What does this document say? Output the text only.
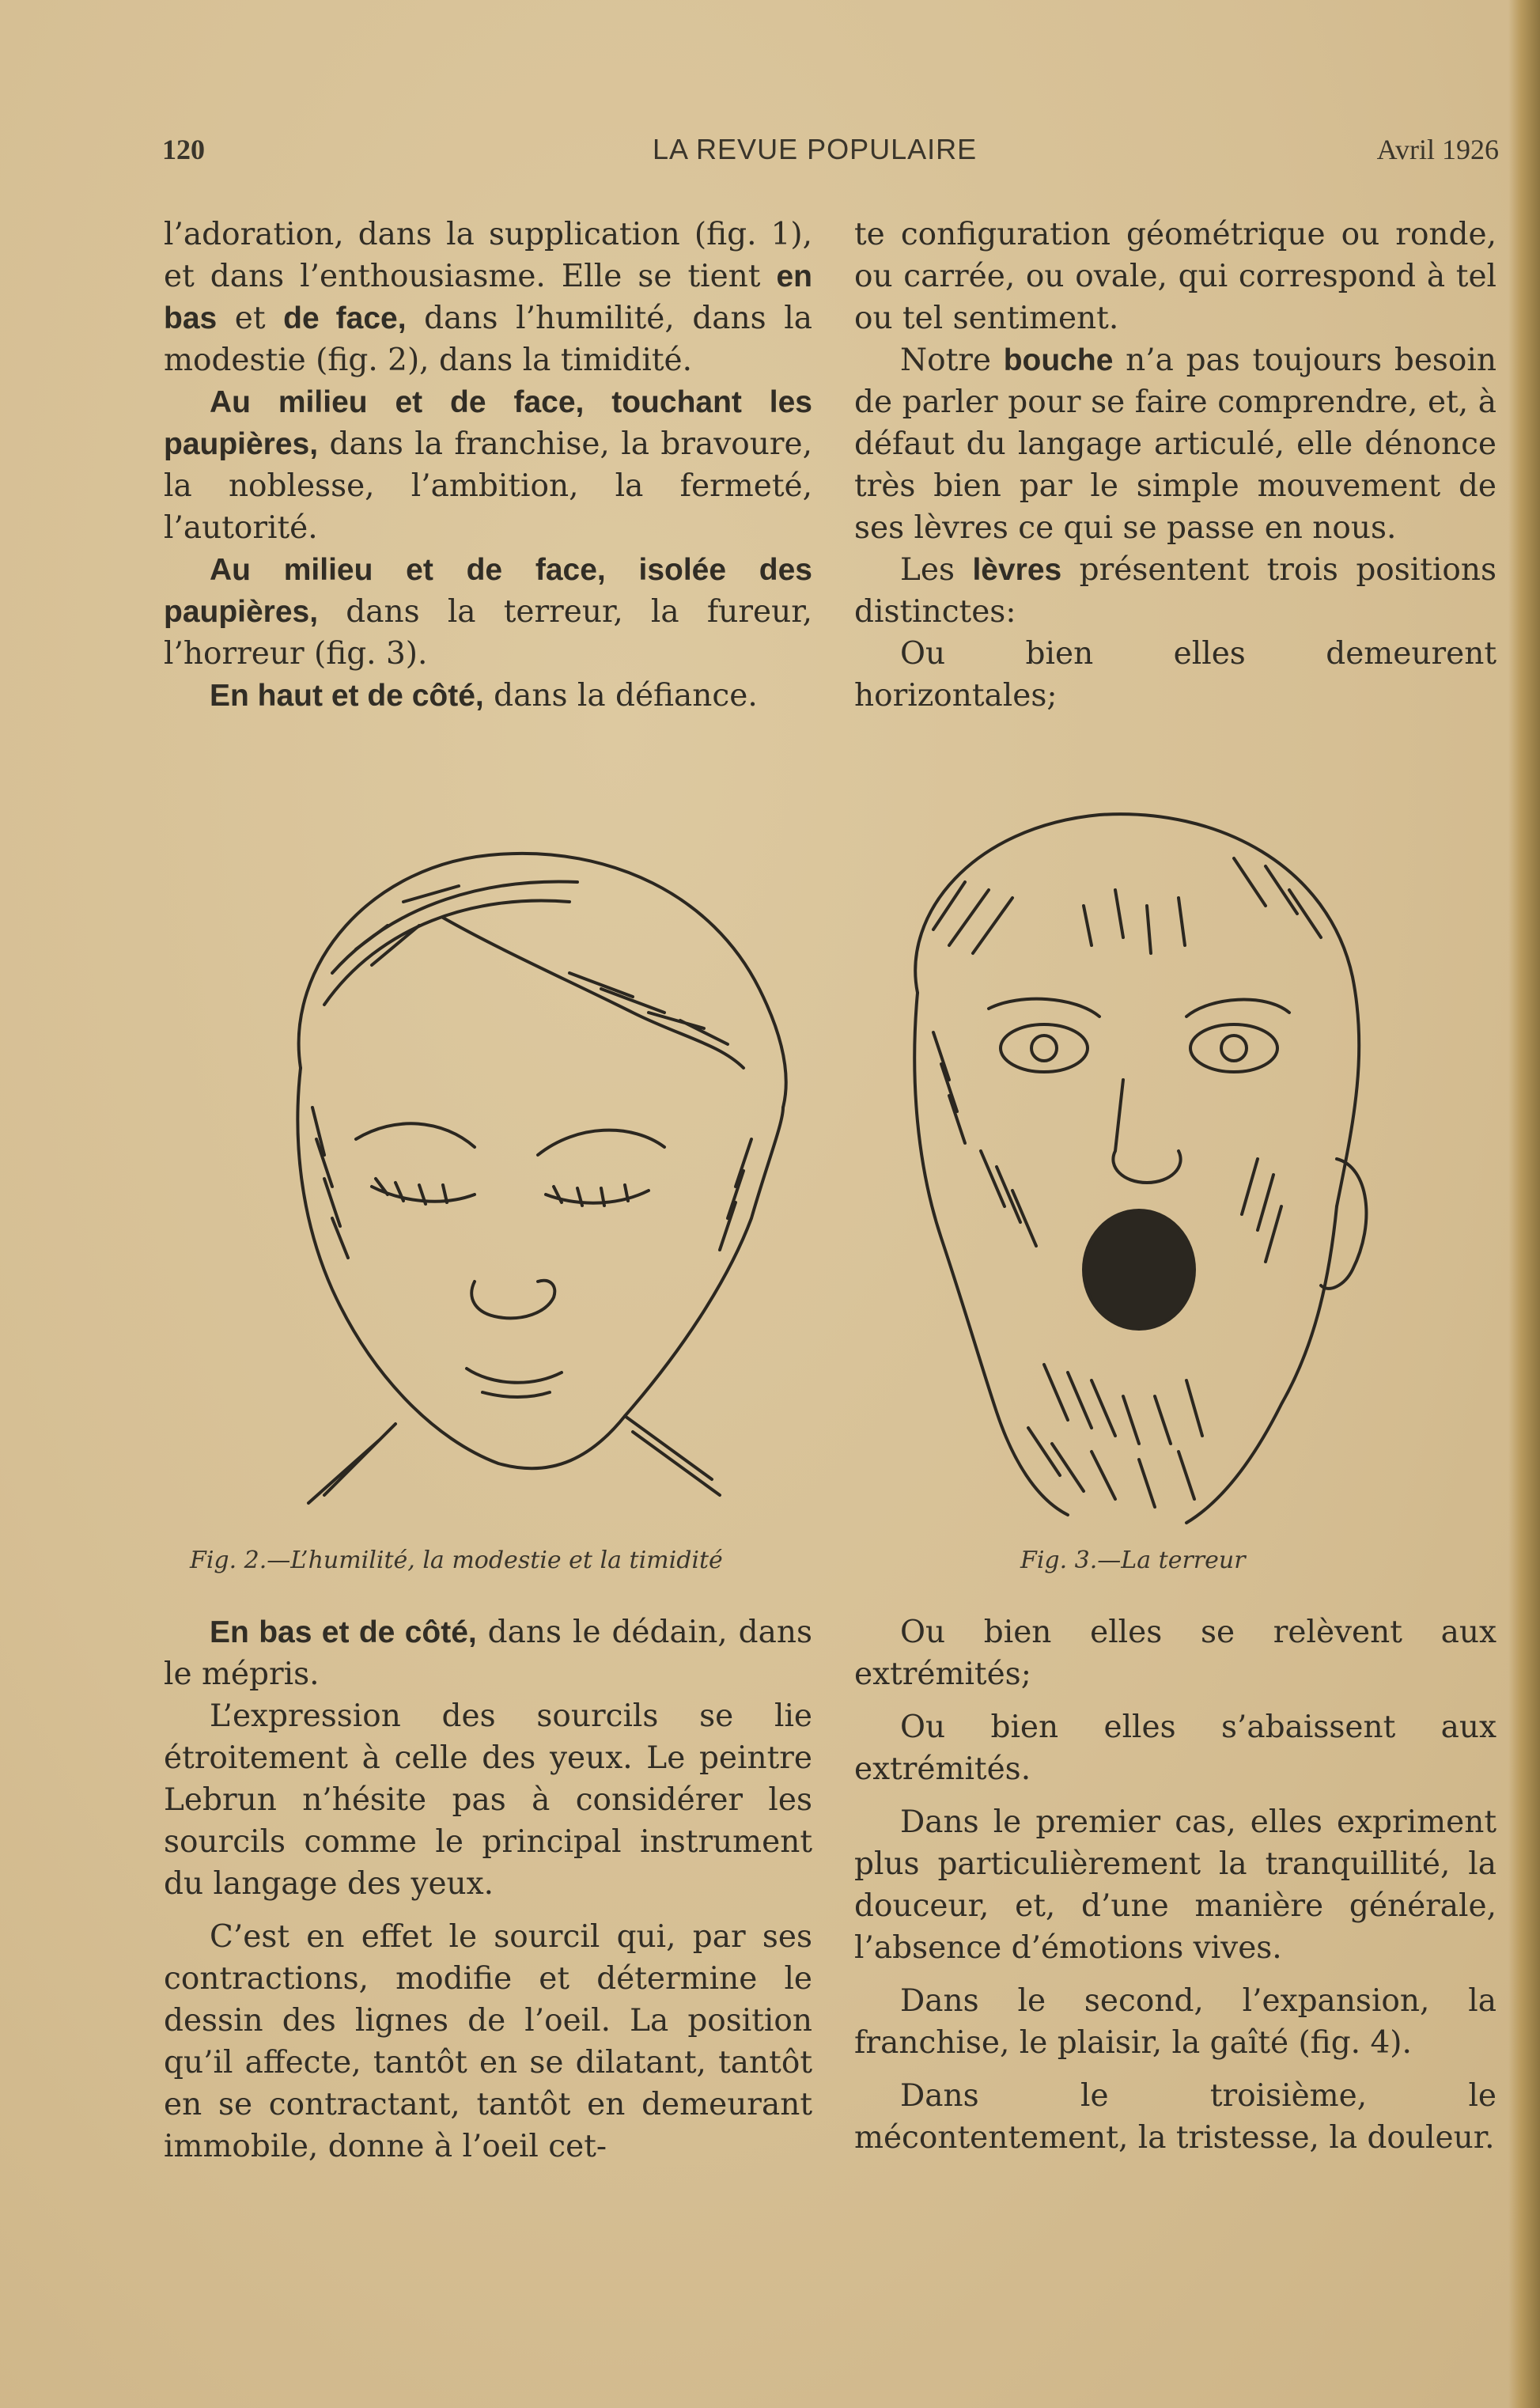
120	LA REVUE POPULAIRE	Avril 1926

l’adoration, dans la supplication (fig. 1), et dans l’enthousiasme. Elle se tient en bas et de face, dans l’humilité, dans la modestie (fig. 2), dans la timidité.

Au milieu et de face, touchant les paupières, dans la franchise, la bravoure, la noblesse, l’ambition, la fermeté, l’autorité.

Au milieu et de face, isolée des paupières, dans la terreur, la fureur, l’horreur (fig. 3).

En haut et de côté, dans la défiance.

te configuration géométrique ou ronde, ou carrée, ou ovale, qui correspond à tel ou tel sentiment.

Notre bouche n’a pas toujours besoin de parler pour se faire comprendre, et, à défaut du langage articulé, elle dénonce très bien par le simple mouvement de ses lèvres ce qui se passe en nous.

Les lèvres présentent trois positions distinctes:

Ou bien elles demeurent horizontales;

Fig. 2.—L’humilité, la modestie et la timidité	Fig. 3.—La terreur

En bas et de côté, dans le dédain, dans le mépris.

L’expression des sourcils se lie étroitement à celle des yeux. Le peintre Lebrun n’hésite pas à considérer les sourcils comme le principal instrument du langage des yeux.

C’est en effet le sourcil qui, par ses contractions, modifie et détermine le dessin des lignes de l’oeil. La position qu’il affecte, tantôt en se dilatant, tantôt en se contractant, tantôt en demeurant immobile, donne à l’oeil cet-

Ou bien elles se relèvent aux extrémités;

Ou bien elles s’abaissent aux extrémités.

Dans le premier cas, elles expriment plus particulièrement la tranquillité, la douceur, et, d’une manière générale, l’absence d’émotions vives.

Dans le second, l’expansion, la franchise, le plaisir, la gaîté (fig. 4).

Dans le troisième, le mécontentement, la tristesse, la douleur.
